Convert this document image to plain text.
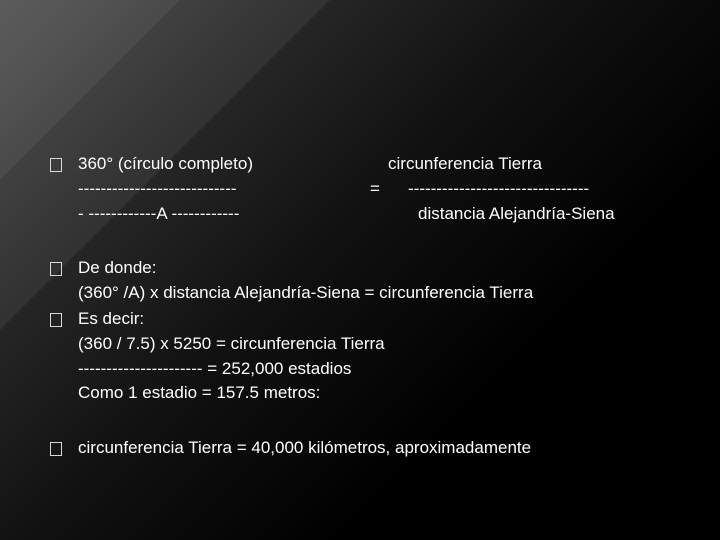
360° (círculo completo)
----------------------------
- ------------A ------------
circunferencia Tierra
= --------------------------------
distancia Alejandría-Siena
De donde:
(360° /A) x distancia Alejandría-Siena = circunferencia Tierra
Es decir:
(360 / 7.5) x 5250 = circunferencia Tierra
---------------------- = 252,000 estadios
Como 1 estadio = 157.5 metros:
circunferencia Tierra = 40,000 kilómetros, aproximadamente
